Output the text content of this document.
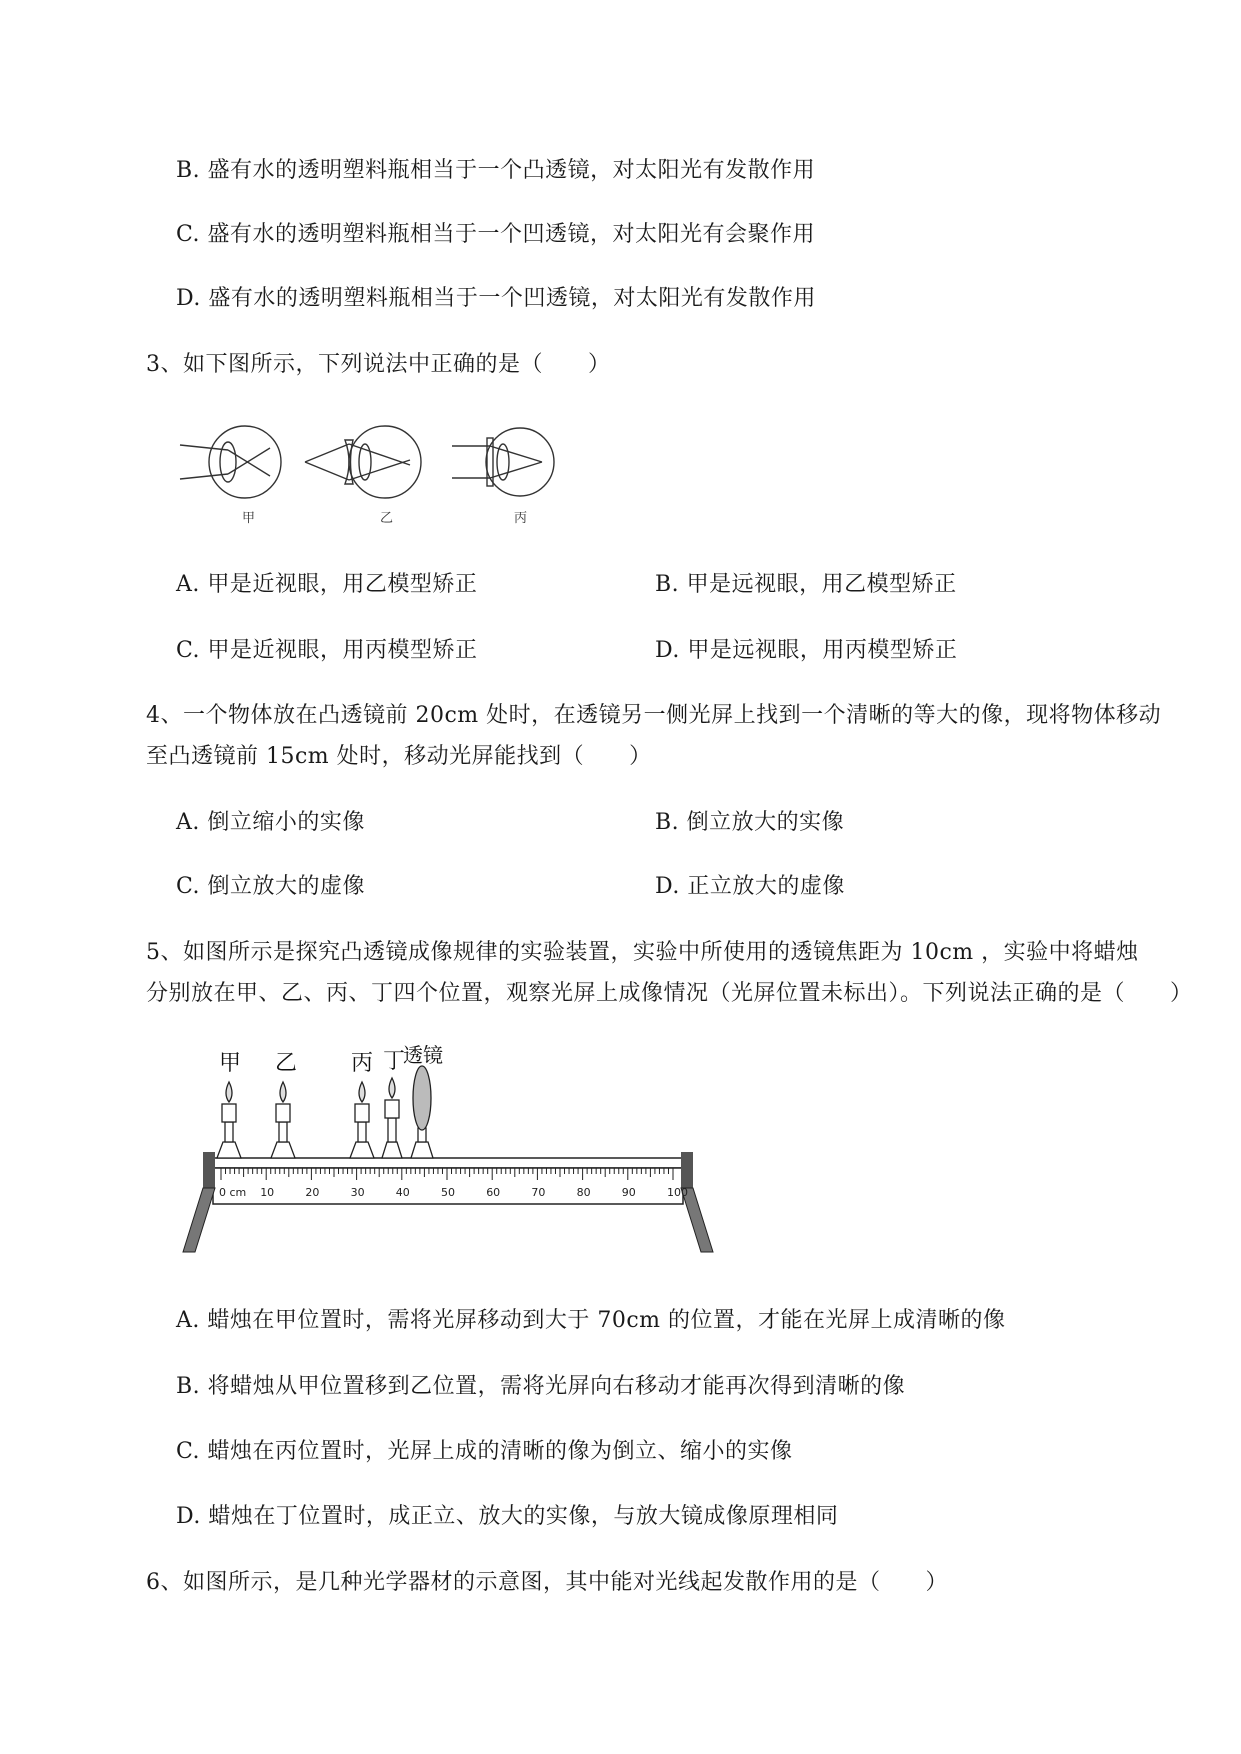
B. 盛有水的透明塑料瓶相当于一个凸透镜，对太阳光有发散作用
C. 盛有水的透明塑料瓶相当于一个凹透镜，对太阳光有会聚作用
D. 盛有水的透明塑料瓶相当于一个凹透镜，对太阳光有发散作用
3、如下图所示，下列说法中正确的是（　　）
甲	乙	丙
A. 甲是近视眼，用乙模型矫正	B. 甲是远视眼，用乙模型矫正
C. 甲是近视眼，用丙模型矫正	D. 甲是远视眼，用丙模型矫正
4、一个物体放在凸透镜前 20cm 处时，在透镜另一侧光屏上找到一个清晰的等大的像，现将物体移动
至凸透镜前 15cm 处时，移动光屏能找到（　　）
A. 倒立缩小的实像	B. 倒立放大的实像
C. 倒立放大的虚像	D. 正立放大的虚像
5、如图所示是探究凸透镜成像规律的实验装置，实验中所使用的透镜焦距为 10cm ，实验中将蜡烛
分别放在甲、乙、丙、丁四个位置，观察光屏上成像情况（光屏位置未标出）。下列说法正确的是（　　）
0 cm 10	20	30	40	50	60	70	80	90	100
甲 乙 丙 丁
透镜
A. 蜡烛在甲位置时，需将光屏移动到大于 70cm 的位置，才能在光屏上成清晰的像
B. 将蜡烛从甲位置移到乙位置，需将光屏向右移动才能再次得到清晰的像
C. 蜡烛在丙位置时，光屏上成的清晰的像为倒立、缩小的实像
D. 蜡烛在丁位置时，成正立、放大的实像，与放大镜成像原理相同
6、如图所示，是几种光学器材的示意图，其中能对光线起发散作用的是（　　）
